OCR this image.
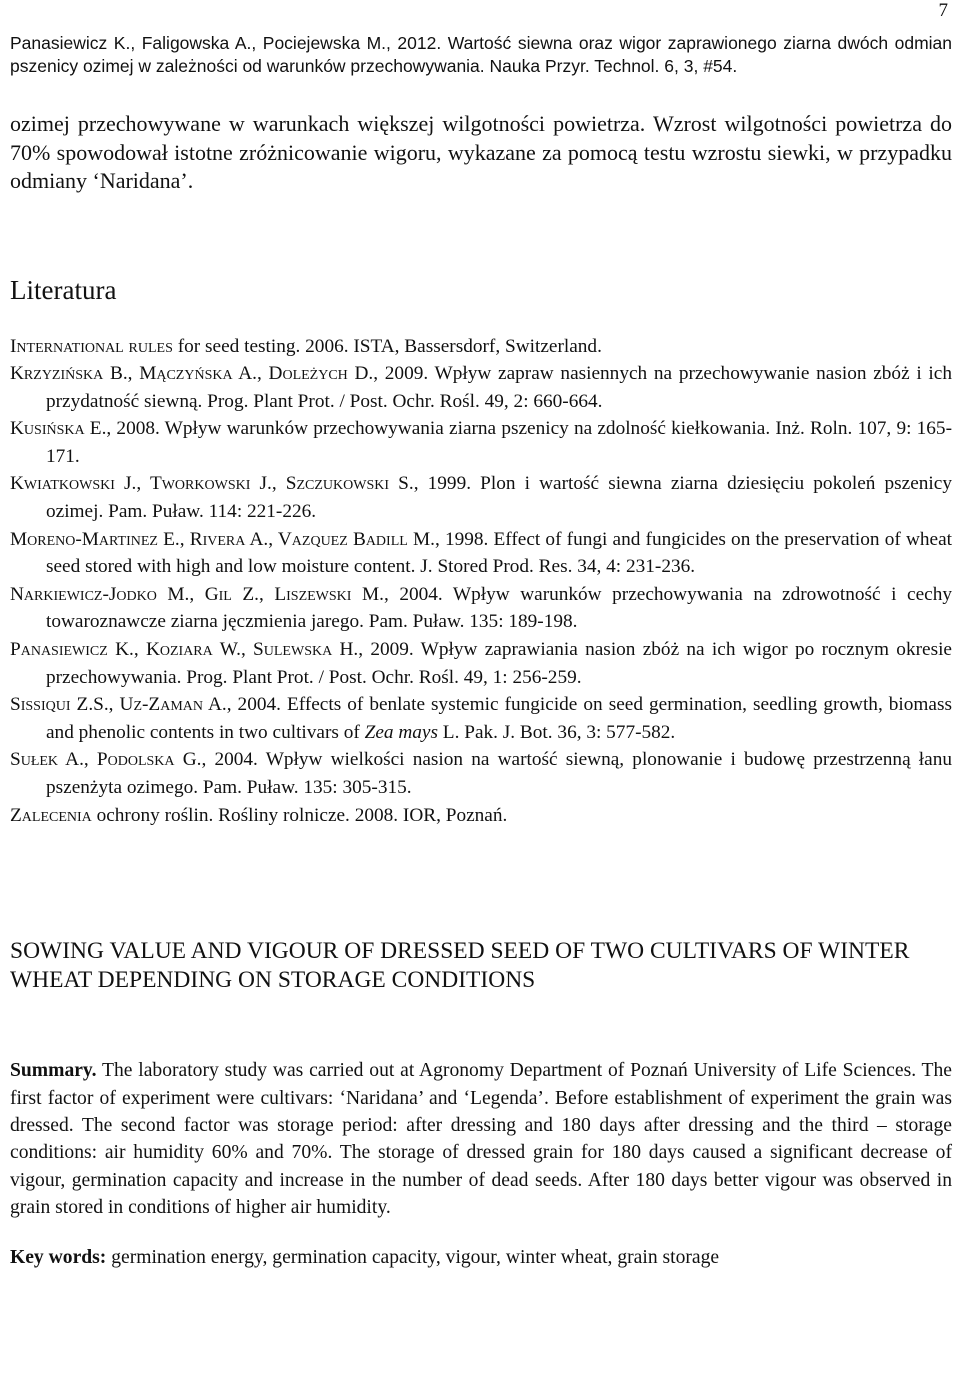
7
Panasiewicz K., Faligowska A., Pociejewska M., 2012. Wartość siewna oraz wigor zaprawionego ziarna dwóch odmian pszenicy ozimej w zależności od warunków przechowywania. Nauka Przyr. Technol. 6, 3, #54.

ozimej przechowywane w warunkach większej wilgotności powietrza. Wzrost wilgotności powietrza do 70% spowodował istotne zróżnicowanie wigoru, wykazane za pomocą testu wzrostu siewki, w przypadku odmiany ‘Naridana’.

Literatura
International rules for seed testing. 2006. ISTA, Bassersdorf, Switzerland.
Krzyzińska B., Mączyńska A., Doleżych D., 2009. Wpływ zapraw nasiennych na przechowywanie nasion zbóż i ich przydatność siewną. Prog. Plant Prot. / Post. Ochr. Rośl. 49, 2: 660-664.
Kusińska E., 2008. Wpływ warunków przechowywania ziarna pszenicy na zdolność kiełkowania. Inż. Roln. 107, 9: 165-171.
Kwiatkowski J., Tworkowski J., Szczukowski S., 1999. Plon i wartość siewna ziarna dziesięciu pokoleń pszenicy ozimej. Pam. Puław. 114: 221-226.
Moreno-Martinez E., Rivera A., Vazquez Badill M., 1998. Effect of fungi and fungicides on the preservation of wheat seed stored with high and low moisture content. J. Stored Prod. Res. 34, 4: 231-236.
Narkiewicz-Jodko M., Gil Z., Liszewski M., 2004. Wpływ warunków przechowywania na zdrowotność i cechy towaroznawcze ziarna jęczmienia jarego. Pam. Puław. 135: 189-198.
Panasiewicz K., Koziara W., Sulewska H., 2009. Wpływ zaprawiania nasion zbóż na ich wigor po rocznym okresie przechowywania. Prog. Plant Prot. / Post. Ochr. Rośl. 49, 1: 256-259.
Sissiqui Z.S., Uz-Zaman A., 2004. Effects of benlate systemic fungicide on seed germination, seedling growth, biomass and phenolic contents in two cultivars of Zea mays L. Pak. J. Bot. 36, 3: 577-582.
Sułek A., Podolska G., 2004. Wpływ wielkości nasion na wartość siewną, plonowanie i budowę przestrzenną łanu pszenżyta ozimego. Pam. Puław. 135: 305-315.
Zalecenia ochrony roślin. Rośliny rolnicze. 2008. IOR, Poznań.
SOWING VALUE AND VIGOUR OF DRESSED SEED OF TWO CULTIVARS OF WINTER WHEAT DEPENDING ON STORAGE CONDITIONS

Summary. The laboratory study was carried out at Agronomy Department of Poznań University of Life Sciences. The first factor of experiment were cultivars: ‘Naridana’ and ‘Legenda’. Before establishment of experiment the grain was dressed. The second factor was storage period: after dressing and 180 days after dressing and the third – storage conditions: air humidity 60% and 70%. The storage of dressed grain for 180 days caused a significant decrease of vigour, germination capacity and increase in the number of dead seeds. After 180 days better vigour was observed in grain stored in conditions of higher air humidity.

Key words: germination energy, germination capacity, vigour, winter wheat, grain storage
